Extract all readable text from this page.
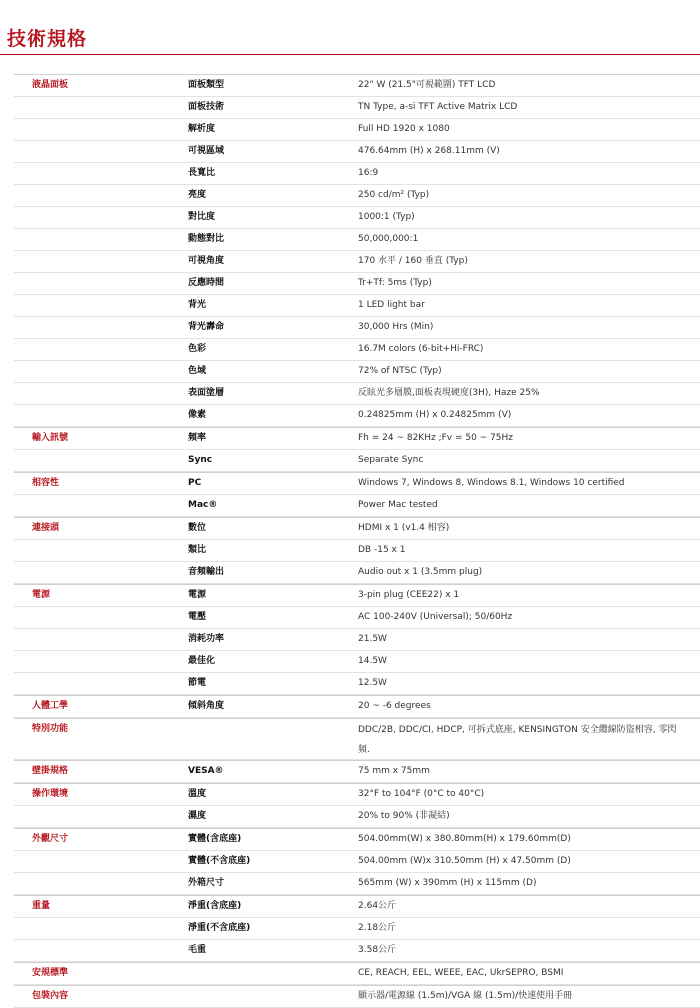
技術規格
液晶面板	面板類型	22" W (21.5"可視範圍) TFT LCD
面板技術	TN Type, a-si TFT Active Matrix LCD
解析度	Full HD 1920 x 1080
可視區域	476.64mm (H) x 268.11mm (V)
長寬比	16:9
亮度	250 cd/m² (Typ)
對比度	1000:1 (Typ)
動態對比	50,000,000:1
可視角度	170 水平 / 160 垂直 (Typ)
反應時間	Tr+Tf: 5ms (Typ)
背光	1 LED light bar
背光壽命	30,000 Hrs (Min)
色彩	16.7M colors (6-bit+Hi-FRC)
色域	72% of NTSC (Typ)
表面塗層	反眩光多層膜,面板表現硬度(3H), Haze 25%
像素	0.24825mm (H) x 0.24825mm (V)
輸入訊號	頻率	Fh = 24 ~ 82KHz ;Fv = 50 ~ 75Hz
Sync	Separate Sync
相容性	PC	Windows 7, Windows 8, Windows 8.1, Windows 10 certified
Mac®	Power Mac tested
連接頭	數位	HDMI x 1 (v1.4 相容)
類比	DB -15 x 1
音頻輸出	Audio out x 1 (3.5mm plug)
電源	電源	3-pin plug (CEE22) x 1
電壓	AC 100-240V (Universal); 50/60Hz
消耗功率	21.5W
最佳化	14.5W
節電	12.5W
人體工學	傾斜角度	20 ~ -6 degrees
特別功能	DDC/2B, DDC/CI, HDCP, 可拆式底座, KENSINGTON 安全纜線防盜相容, 零閃頻.
壁掛規格	VESA®	75 mm x 75mm
操作環境	溫度	32°F to 104°F (0°C to 40°C)
濕度	20% to 90% (非凝結)
外觀尺寸	實體(含底座)	504.00mm(W) x 380.80mm(H) x 179.60mm(D)
實體(不含底座)	504.00mm (W)x 310.50mm (H) x 47.50mm (D)
外箱尺寸	565mm (W) x 390mm (H) x 115mm (D)
重量	淨重(含底座)	2.64公斤
淨重(不含底座)	2.18公斤
毛重	3.58公斤
安規標準	CE, REACH, EEL, WEEE, EAC, UkrSEPRO, BSMI
包裝內容	顯示器/電源線 (1.5m)/VGA 線 (1.5m)/快速使用手冊
